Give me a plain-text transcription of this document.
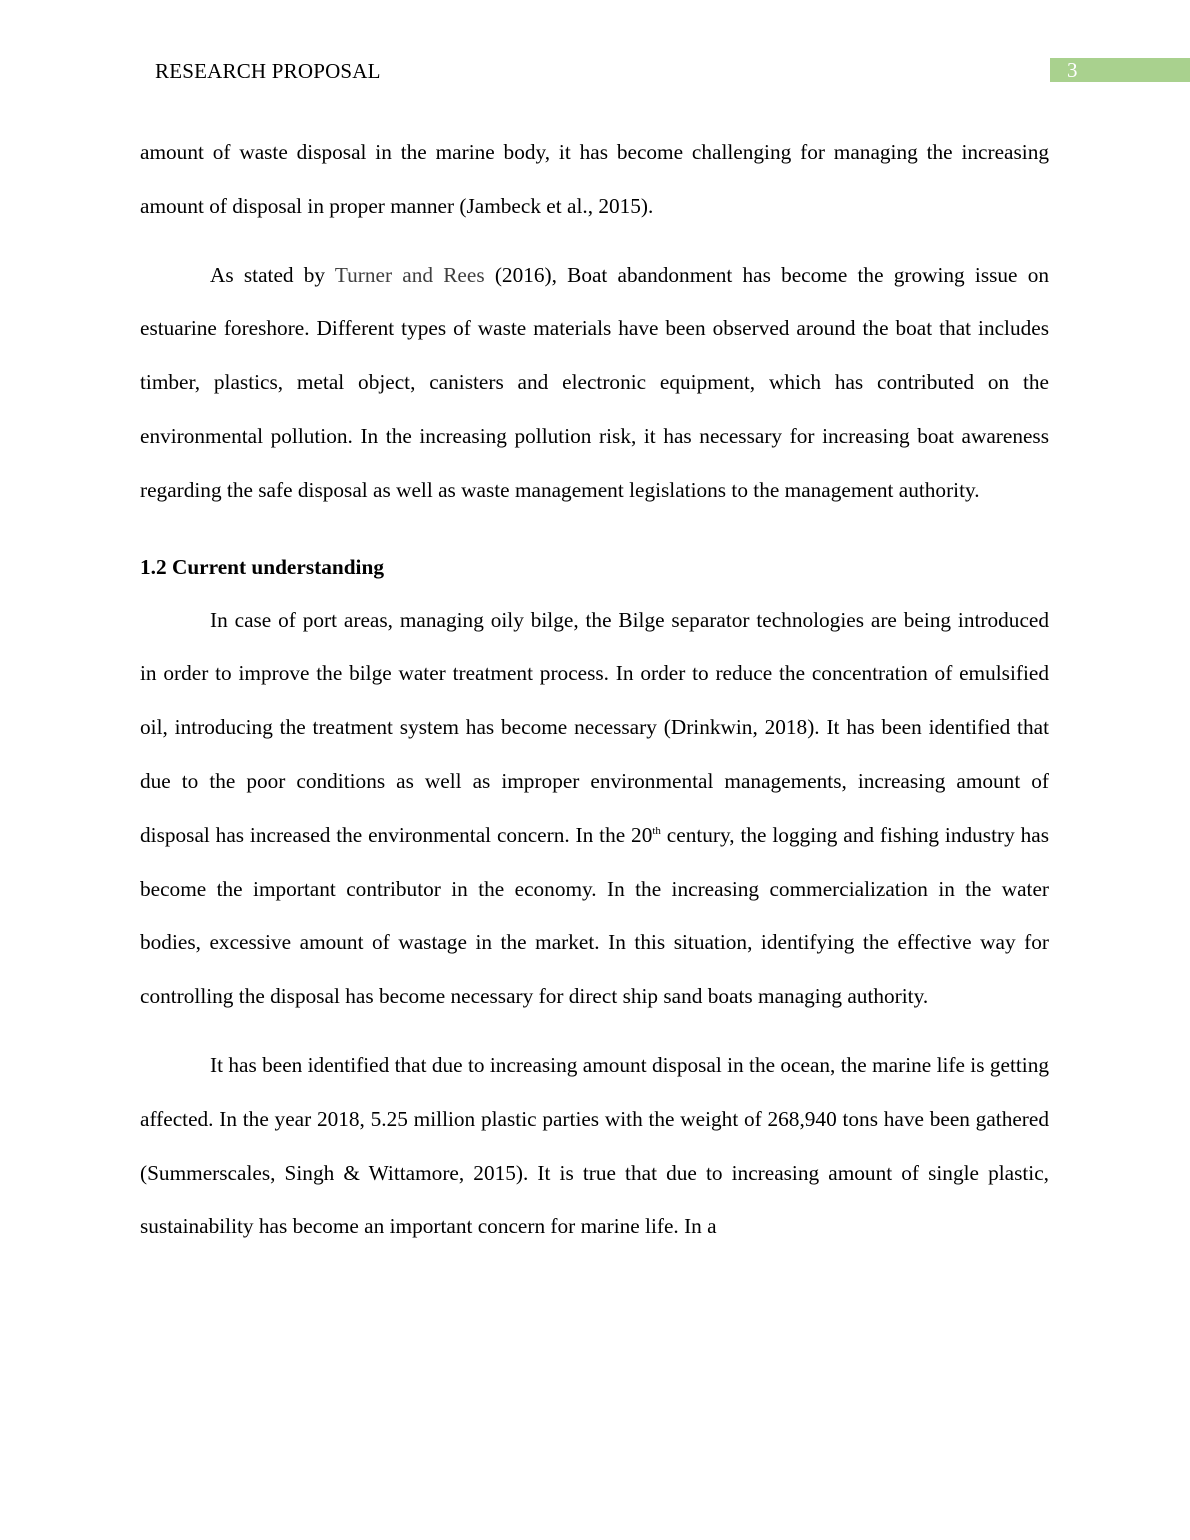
RESEARCH PROPOSAL	3

amount of waste disposal in the marine body, it has become challenging for managing the increasing amount of disposal in proper manner (Jambeck et al., 2015).

As stated by Turner and Rees (2016), Boat abandonment has become the growing issue on estuarine foreshore. Different types of waste materials have been observed around the boat that includes timber, plastics, metal object, canisters and electronic equipment, which has contributed on the environmental pollution. In the increasing pollution risk, it has necessary for increasing boat awareness regarding the safe disposal as well as waste management legislations to the management authority.

1.2 Current understanding

In case of port areas, managing oily bilge, the Bilge separator technologies are being introduced in order to improve the bilge water treatment process. In order to reduce the concentration of emulsified oil, introducing the treatment system has become necessary (Drinkwin, 2018). It has been identified that due to the poor conditions as well as improper environmental managements, increasing amount of disposal has increased the environmental concern. In the 20th century, the logging and fishing industry has become the important contributor in the economy. In the increasing commercialization in the water bodies, excessive amount of wastage in the market. In this situation, identifying the effective way for controlling the disposal has become necessary for direct ship sand boats managing authority.

It has been identified that due to increasing amount disposal in the ocean, the marine life is getting affected. In the year 2018, 5.25 million plastic parties with the weight of 268,940 tons have been gathered (Summerscales, Singh & Wittamore, 2015). It is true that due to increasing amount of single plastic, sustainability has become an important concern for marine life. In a
